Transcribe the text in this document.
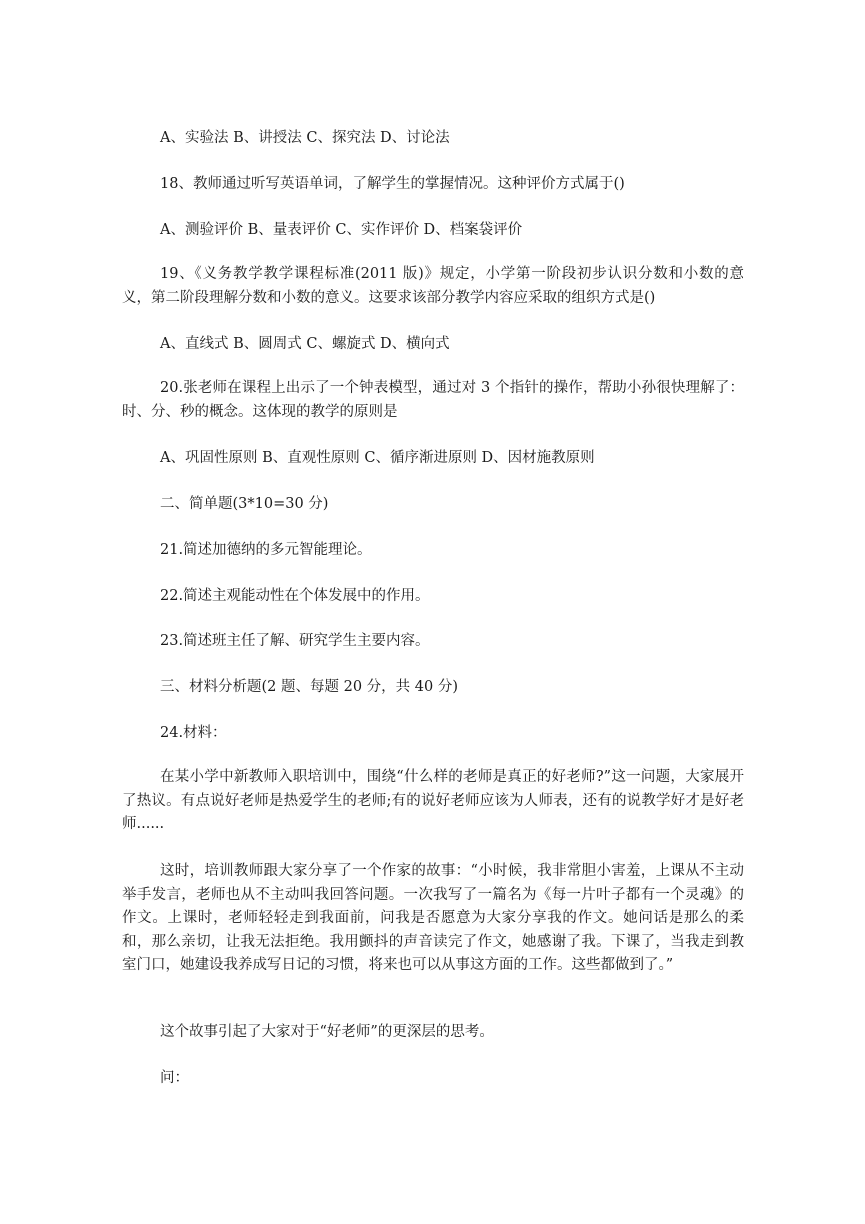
A、实验法 B、讲授法 C、探究法 D、讨论法
18、教师通过听写英语单词，了解学生的掌握情况。这种评价方式属于()
A、测验评价 B、量表评价 C、实作评价 D、档案袋评价
19、《义务教学教学课程标准(2011 版)》规定，小学第一阶段初步认识分数和小数的意义，第二阶段理解分数和小数的意义。这要求该部分教学内容应采取的组织方式是()
A、直线式 B、圆周式 C、螺旋式 D、横向式
20.张老师在课程上出示了一个钟表模型，通过对 3 个指针的操作，帮助小孙很快理解了：时、分、秒的概念。这体现的教学的原则是
A、巩固性原则 B、直观性原则 C、循序渐进原则 D、因材施教原则
二、简单题(3*10=30 分)
21.简述加德纳的多元智能理论。
22.简述主观能动性在个体发展中的作用。
23.简述班主任了解、研究学生主要内容。
三、材料分析题(2 题、每题 20 分，共 40 分)
24.材料：
在某小学中新教师入职培训中，围绕“什么样的老师是真正的好老师?”这一问题，大家展开了热议。有点说好老师是热爱学生的老师;有的说好老师应该为人师表，还有的说教学好才是好老师......
这时，培训教师跟大家分享了一个作家的故事：“小时候，我非常胆小害羞，上课从不主动举手发言，老师也从不主动叫我回答问题。一次我写了一篇名为《每一片叶子都有一个灵魂》的作文。上课时，老师轻轻走到我面前，问我是否愿意为大家分享我的作文。她问话是那么的柔和，那么亲切，让我无法拒绝。我用颤抖的声音读完了作文，她感谢了我。下课了，当我走到教室门口，她建设我养成写日记的习惯，将来也可以从事这方面的工作。这些都做到了。”
这个故事引起了大家对于“好老师”的更深层的思考。
问：
